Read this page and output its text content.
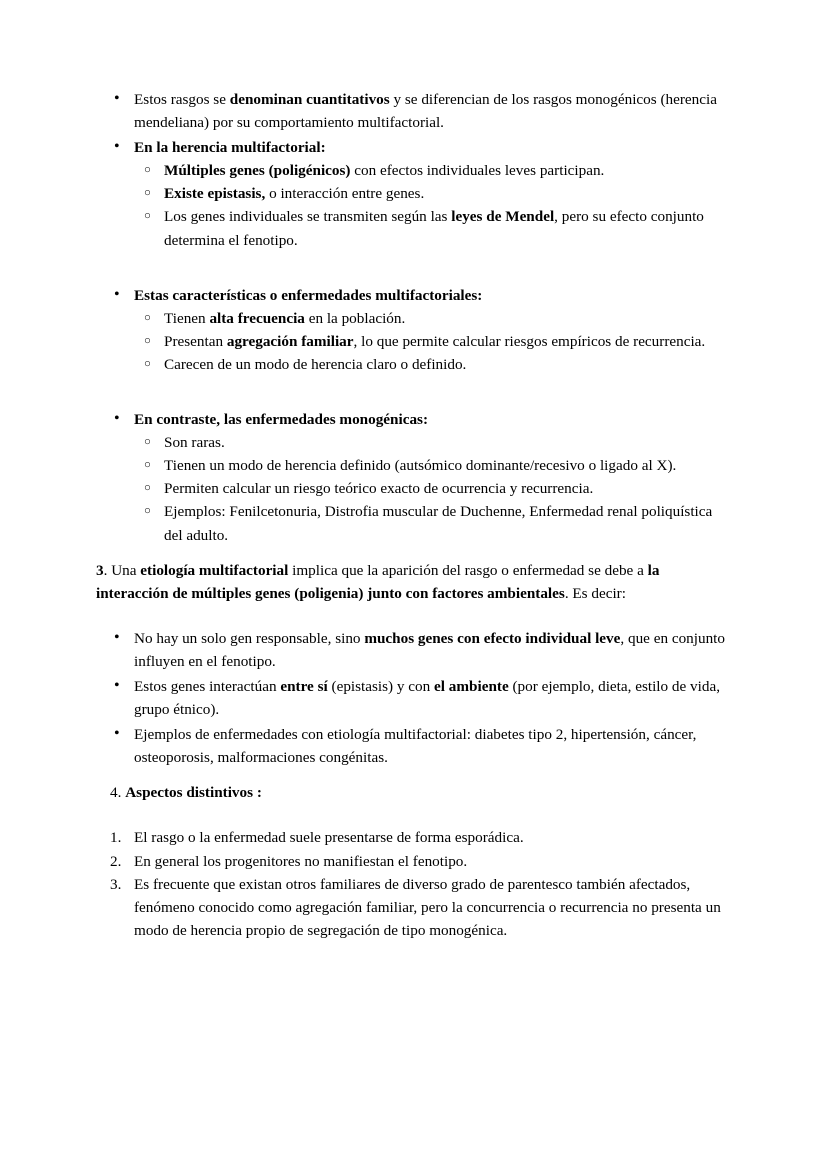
• Estos rasgos se denominan cuantitativos y se diferencian de los rasgos monogénicos (herencia mendeliana) por su comportamiento multifactorial.
• En la herencia multifactorial:
○ Múltiples genes (poligénicos) con efectos individuales leves participan.
○ Existe epistasis, o interacción entre genes.
○ Los genes individuales se transmiten según las leyes de Mendel, pero su efecto conjunto determina el fenotipo.
• Estas características o enfermedades multifactoriales:
○ Tienen alta frecuencia en la población.
○ Presentan agregación familiar, lo que permite calcular riesgos empíricos de recurrencia.
○ Carecen de un modo de herencia claro o definido.
• En contraste, las enfermedades monogénicas:
○ Son raras.
○ Tienen un modo de herencia definido (autsómico dominante/recesivo o ligado al X).
○ Permiten calcular un riesgo teórico exacto de ocurrencia y recurrencia.
○ Ejemplos: Fenilcetonuria, Distrofia muscular de Duchenne, Enfermedad renal poliquística del adulto.

3. Una etiología multifactorial implica que la aparición del rasgo o enfermedad se debe a la interacción de múltiples genes (poligenia) junto con factores ambientales. Es decir:

• No hay un solo gen responsable, sino muchos genes con efecto individual leve, que en conjunto influyen en el fenotipo.
• Estos genes interactúan entre sí (epistasis) y con el ambiente (por ejemplo, dieta, estilo de vida, grupo étnico).
• Ejemplos de enfermedades con etiología multifactorial: diabetes tipo 2, hipertensión, cáncer, osteoporosis, malformaciones congénitas.

4. Aspectos distintivos :

El rasgo o la enfermedad suele presentarse de forma esporádica.
En general los progenitores no manifiestan el fenotipo.
Es frecuente que existan otros familiares de diverso grado de parentesco también afectados, fenómeno conocido como agregación familiar, pero la concurrencia o recurrencia no presenta un modo de herencia propio de segregación de tipo monogénica.
